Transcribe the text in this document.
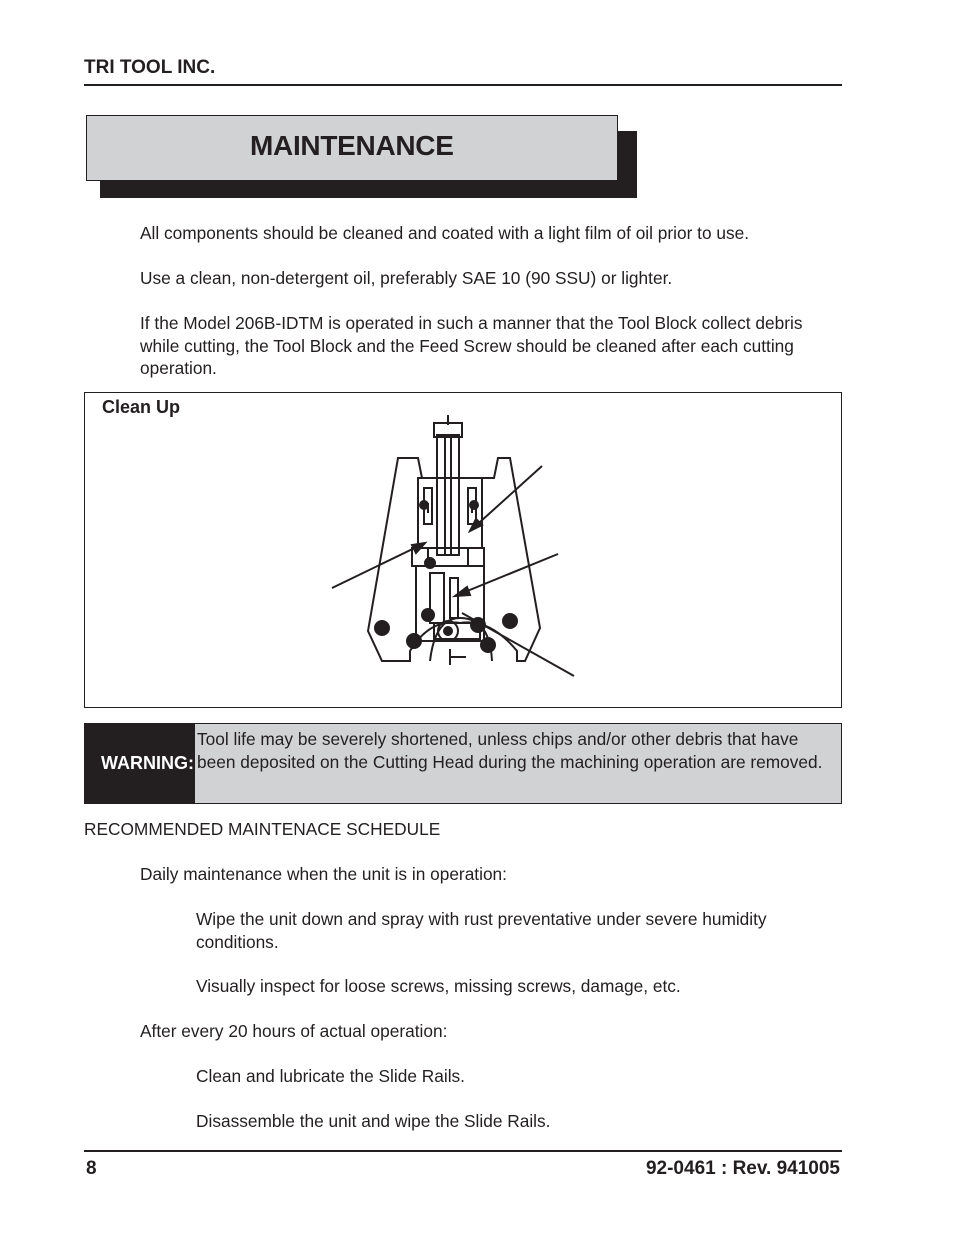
TRI TOOL INC.
MAINTENANCE
All components should be cleaned and coated with a light film of oil prior to use.
Use a clean, non-detergent oil, preferably SAE 10 (90 SSU) or lighter.
If the Model 206B-IDTM is operated in such a manner that the Tool Block collect debris while cutting, the Tool Block and the Feed Screw should be cleaned after each cutting operation.
Clean Up
WARNING:
Tool life may be severely shortened, unless chips and/or other debris that have been deposited on the Cutting Head during the machining operation are removed.
RECOMMENDED MAINTENACE SCHEDULE
Daily maintenance when the unit is in operation:
Wipe the unit down and spray with rust preventative under severe humidity conditions.
Visually inspect for loose screws, missing screws, damage, etc.
After every 20 hours of actual operation:
Clean and lubricate the Slide Rails.
Disassemble the unit and wipe the Slide Rails.
8	92-0461 : Rev. 941005
